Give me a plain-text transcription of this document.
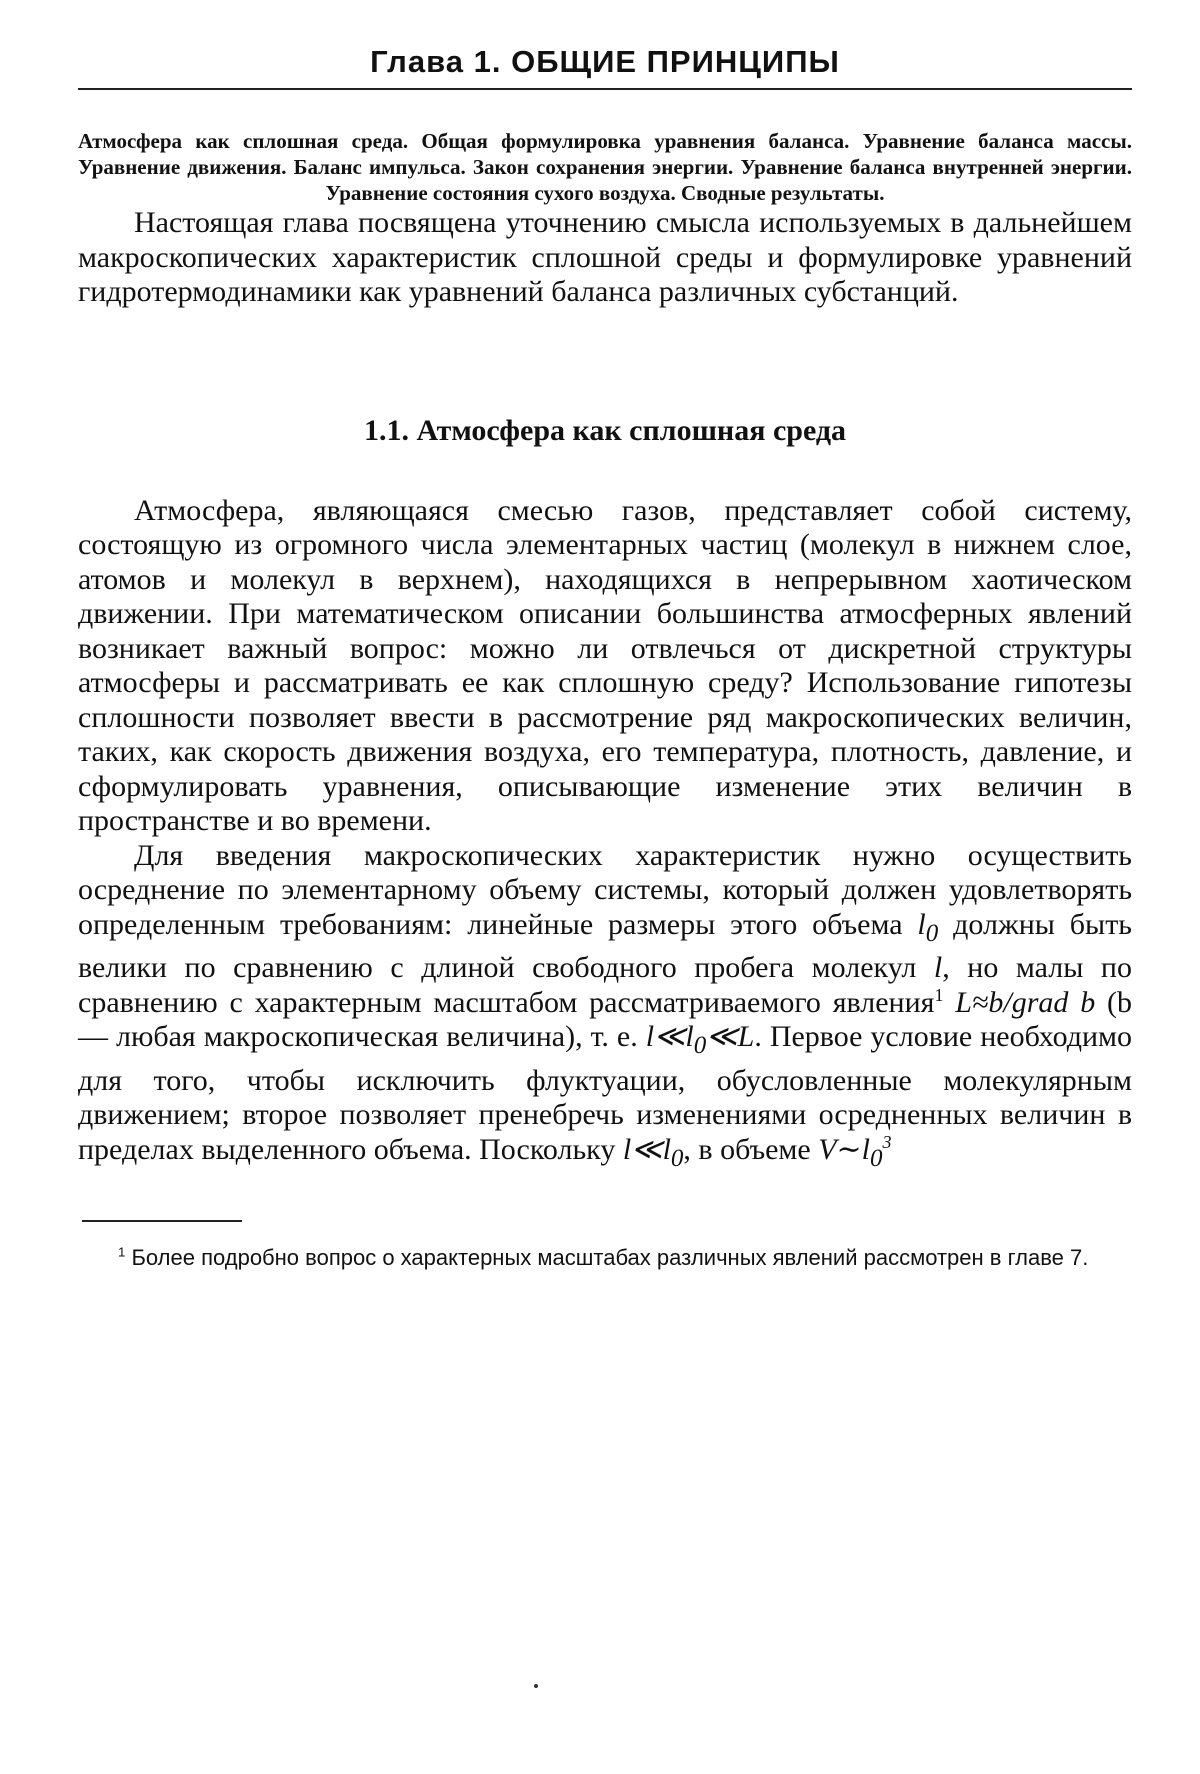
Глава 1. ОБЩИЕ ПРИНЦИПЫ

Атмосфера как сплошная среда. Общая формулировка уравнения баланса. Уравнение баланса массы. Уравнение движения. Баланс импульса. Закон сохранения энергии. Уравнение баланса внутренней энергии. Уравнение состояния сухого воздуха. Сводные результаты.

Настоящая глава посвящена уточнению смысла используемых в дальнейшем макроскопических характеристик сплошной среды и формулировке уравнений гидротермодинамики как уравнений баланса различных субстанций.

1.1. Атмосфера как сплошная среда

Атмосфера, являющаяся смесью газов, представляет собой систему, состоящую из огромного числа элементарных частиц (молекул в нижнем слое, атомов и молекул в верхнем), находящихся в непрерывном хаотическом движении. При математическом описании большинства атмосферных явлений возникает важный вопрос: можно ли отвлечься от дискретной структуры атмосферы и рассматривать ее как сплошную среду? Использование гипотезы сплошности позволяет ввести в рассмотрение ряд макроскопических величин, таких, как скорость движения воздуха, его температура, плотность, давление, и сформулировать уравнения, описывающие изменение этих величин в пространстве и во времени.

Для введения макроскопических характеристик нужно осуществить осреднение по элементарному объему системы, который должен удовлетворять определенным требованиям: линейные размеры этого объема $l_0$ должны быть велики по сравнению с длиной свободного пробега молекул l, но малы по сравнению с характерным масштабом рассматриваемого явления$^1$ L≈b/grad b (b — любая макроскопическая величина), т. е. $l≪l_0≪L$. Первое условие необходимо для того, чтобы исключить флуктуации, обусловленные молекулярным движением; второе позволяет пренебречь изменениями осредненных величин в пределах выделенного объема. Поскольку $l≪l_0$, в объеме $V\sim l_0^3$

$^1$ Более подробно вопрос о характерных масштабах различных явлений рассмотрен в главе 7.
